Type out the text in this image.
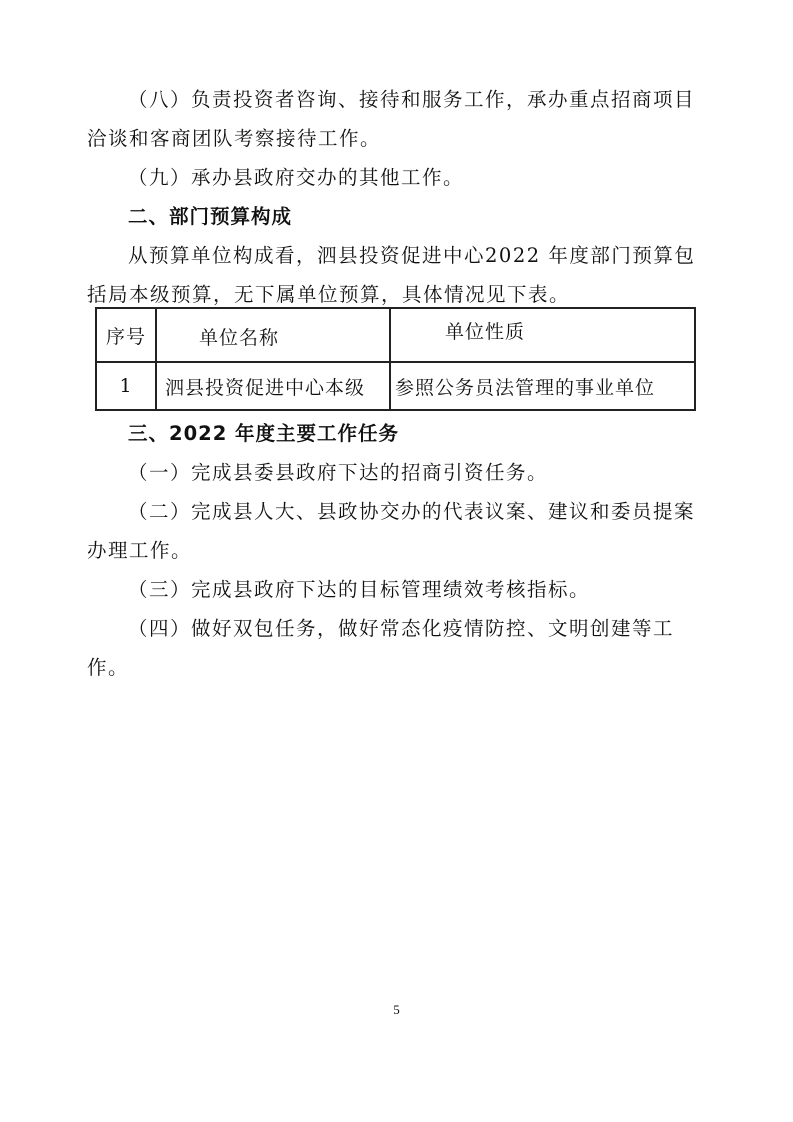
（八）负责投资者咨询、接待和服务工作，承办重点招商项目洽谈和客商团队考察接待工作。

（九）承办县政府交办的其他工作。

二、部门预算构成

从预算单位构成看，泗县投资促进中心2022 年度部门预算包括局本级预算，无下属单位预算，具体情况见下表。

序号	单位名称	单位性质

1	泗县投资促进中心本级	参照公务员法管理的事业单位

三、2022 年度主要工作任务

（一）完成县委县政府下达的招商引资任务。

（二）完成县人大、县政协交办的代表议案、建议和委员提案办理工作。

（三）完成县政府下达的目标管理绩效考核指标。

（四）做好双包任务，做好常态化疫情防控、文明创建等工作。

5
